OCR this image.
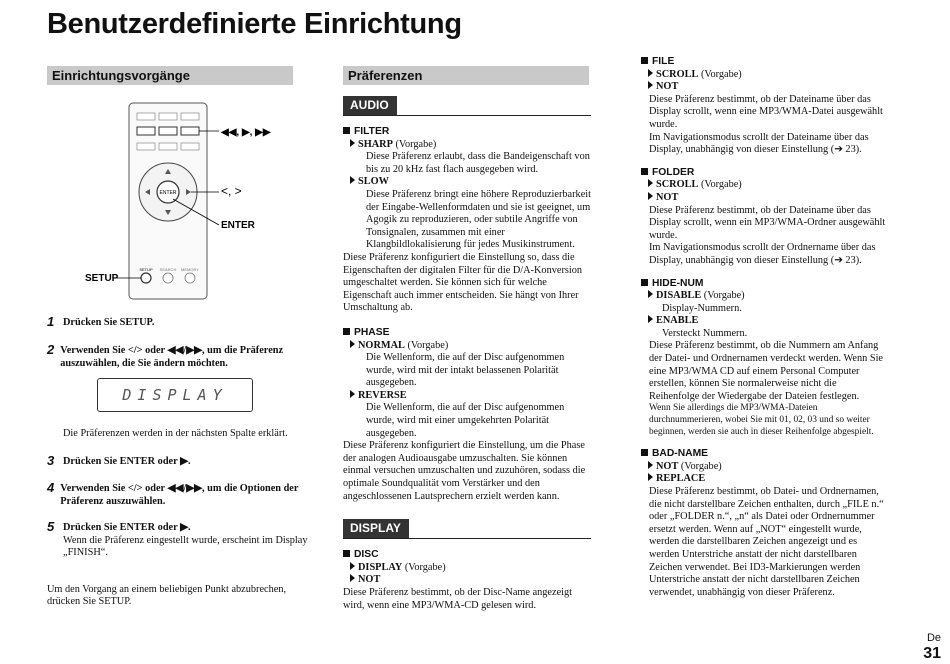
Benutzerdefinierte Einrichtung
Einrichtungsvorgänge
ENTER
SETUP SEARCH MEMORY
◀◀, ▶, ▶▶
<, >
ENTER
SETUP
1 Drücken Sie SETUP.
2 Verwenden Sie </> oder ◀◀/▶▶, um die Präferenz auszuwählen, die Sie ändern möchten.
DISPLAY
Die Präferenzen werden in der nächsten Spalte erklärt.
3 Drücken Sie ENTER oder ▶.
4 Verwenden Sie </> oder ◀◀/▶▶, um die Optionen der Präferenz auszuwählen.
5 Drücken Sie ENTER oder ▶.
Wenn die Präferenz eingestellt wurde, erscheint im Display „FINISH“.
Um den Vorgang an einem beliebigen Punkt abzubrechen, drücken Sie SETUP.
Präferenzen
AUDIO
FILTER
SHARP (Vorgabe)
Diese Präferenz erlaubt, dass die Bandeigenschaft von bis zu 20 kHz fast flach ausgegeben wird.
SLOW
Diese Präferenz bringt eine höhere Reproduzierbarkeit der Eingabe-Wellenformdaten und sie ist geeignet, um Agogik zu reproduzieren, oder subtile Angriffe von Tonsignalen, zusammen mit einer Klangbildlokalisierung für jedes Musikinstrument.
Diese Präferenz konfiguriert die Einstellung so, dass die Eigenschaften der digitalen Filter für die D/A-Konversion umgeschaltet werden. Sie können sich für welche Eigenschaft auch immer entscheiden. Sie hängt von Ihrer Umschaltung ab.
PHASE
NORMAL (Vorgabe)
Die Wellenform, die auf der Disc aufgenommen wurde, wird mit der intakt belassenen Polarität ausgegeben.
REVERSE
Die Wellenform, die auf der Disc aufgenommen wurde, wird mit einer umgekehrten Polarität ausgegeben.
Diese Präferenz konfiguriert die Einstellung, um die Phase der analogen Audioausgabe umzuschalten. Sie können einmal versuchen umzuschalten und zuzuhören, sodass die optimale Soundqualität vom Verstärker und den angeschlossenen Lautsprechern erzielt werden kann.
DISPLAY
DISC
DISPLAY (Vorgabe)
NOT
Diese Präferenz bestimmt, ob der Disc-Name angezeigt wird, wenn eine MP3/WMA-CD gelesen wird.
FILE
SCROLL (Vorgabe)
NOT
Diese Präferenz bestimmt, ob der Dateiname über das Display scrollt, wenn eine MP3/WMA-Datei ausgewählt wurde.
Im Navigationsmodus scrollt der Dateiname über das Display, unabhängig von dieser Einstellung (➔ 23).
FOLDER
SCROLL (Vorgabe)
NOT
Diese Präferenz bestimmt, ob der Dateiname über das Display scrollt, wenn ein MP3/WMA-Ordner ausgewählt wurde.
Im Navigationsmodus scrollt der Ordnername über das Display, unabhängig von dieser Einstellung (➔ 23).
HIDE-NUM
DISABLE (Vorgabe)
Display-Nummern.
ENABLE
Versteckt Nummern.
Diese Präferenz bestimmt, ob die Nummern am Anfang der Datei- und Ordnernamen verdeckt werden. Wenn Sie eine MP3/WMA CD auf einem Personal Computer erstellen, können Sie normalerweise nicht die Reihenfolge der Wiedergabe der Dateien festlegen.
Wenn Sie allerdings die MP3/WMA-Dateien durchnummerieren, wobei Sie mit 01, 02, 03 und so weiter beginnen, werden sie auch in dieser Reihenfolge abgespielt.
BAD-NAME
NOT (Vorgabe)
REPLACE
Diese Präferenz bestimmt, ob Datei- und Ordnernamen, die nicht darstellbare Zeichen enthalten, durch „FILE n.“ oder „FOLDER n.“, „n“ als Datei oder Ordnernummer ersetzt werden. Wenn auf „NOT“ eingestellt wurde, werden die darstellbaren Zeichen angezeigt und es werden Unterstriche anstatt der nicht darstellbaren Zeichen verwendet. Bei ID3-Markierungen werden Unterstriche anstatt der nicht darstellbaren Zeichen verwendet, unabhängig von dieser Präferenz.
De
31
